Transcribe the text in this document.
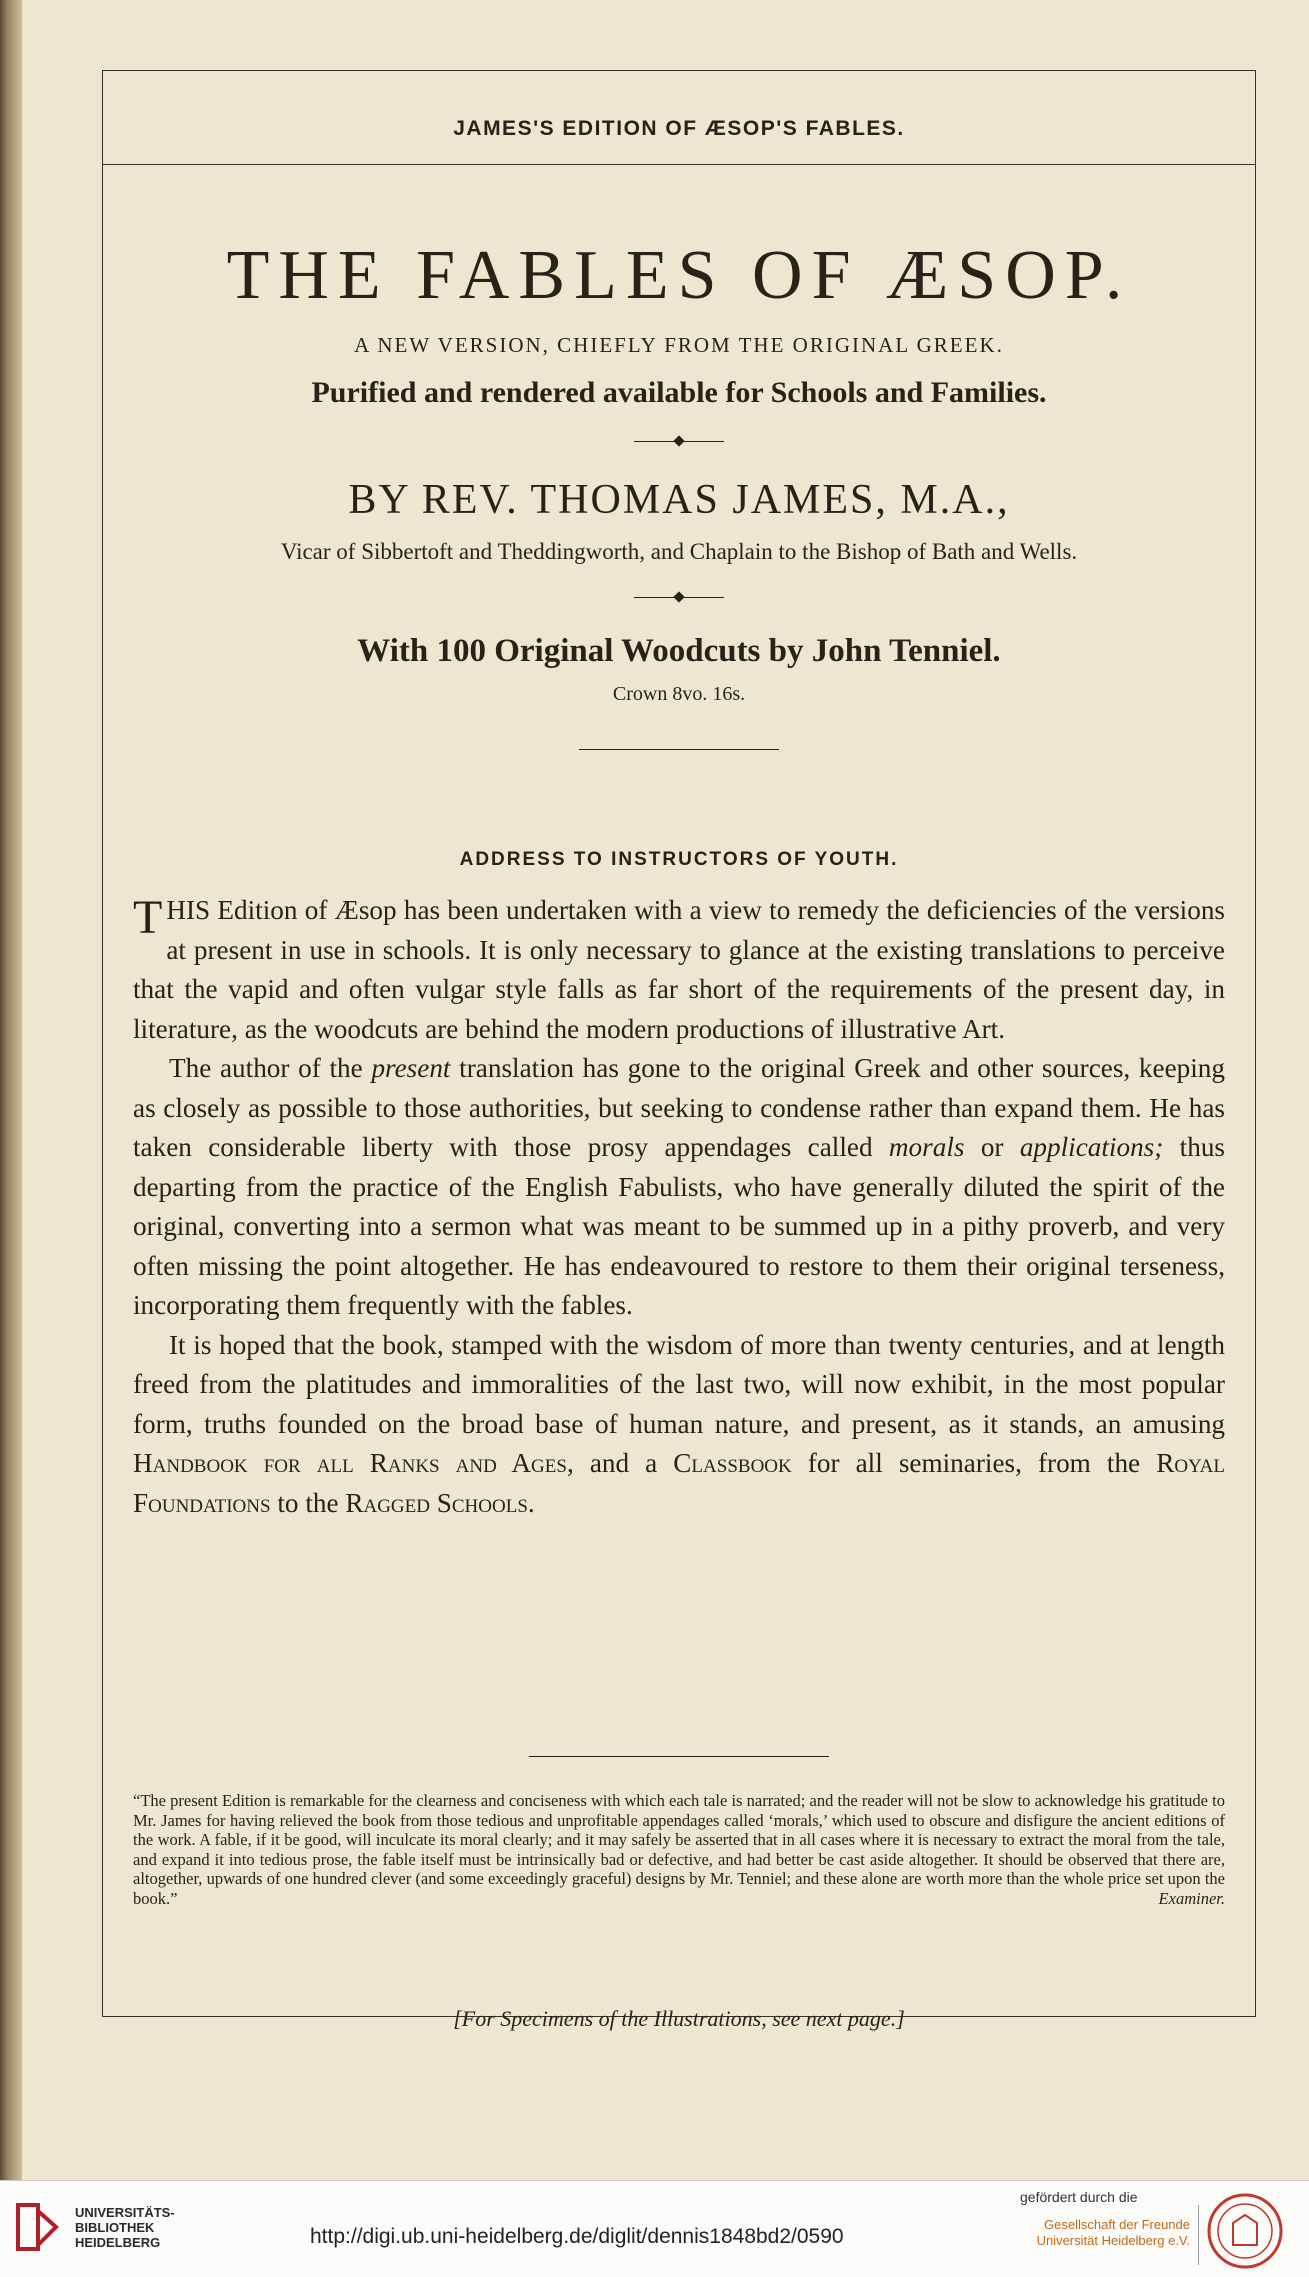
JAMES'S EDITION OF ÆSOP'S FABLES.
THE FABLES OF ÆSOP.
A NEW VERSION, CHIEFLY FROM THE ORIGINAL GREEK.
Purified and rendered available for Schools and Families.
BY REV. THOMAS JAMES, M.A.,
Vicar of Sibbertoft and Theddingworth, and Chaplain to the Bishop of Bath and Wells.
With 100 Original Woodcuts by John Tenniel.
Crown 8vo. 16s.
ADDRESS TO INSTRUCTORS OF YOUTH.

THIS Edition of Æsop has been undertaken with a view to remedy the deficiencies of the versions at present in use in schools. It is only necessary to glance at the existing translations to perceive that the vapid and often vulgar style falls as far short of the requirements of the present day, in literature, as the woodcuts are behind the modern productions of illustrative Art.

The author of the present translation has gone to the original Greek and other sources, keeping as closely as possible to those authorities, but seeking to condense rather than expand them. He has taken considerable liberty with those prosy appendages called morals or applications; thus departing from the practice of the English Fabulists, who have generally diluted the spirit of the original, converting into a sermon what was meant to be summed up in a pithy proverb, and very often missing the point altogether. He has endeavoured to restore to them their original terseness, incorporating them frequently with the fables.

It is hoped that the book, stamped with the wisdom of more than twenty centuries, and at length freed from the platitudes and immoralities of the last two, will now exhibit, in the most popular form, truths founded on the broad base of human nature, and present, as it stands, an amusing Handbook for all Ranks and Ages, and a Classbook for all seminaries, from the Royal Foundations to the Ragged Schools.

“The present Edition is remarkable for the clearness and conciseness with which each tale is narrated; and the reader will not be slow to acknowledge his gratitude to Mr. James for having relieved the book from those tedious and unprofitable appendages called ‘morals,’ which used to obscure and disfigure the ancient editions of the work. A fable, if it be good, will inculcate its moral clearly; and it may safely be asserted that in all cases where it is necessary to extract the moral from the tale, and expand it into tedious prose, the fable itself must be intrinsically bad or defective, and had better be cast aside altogether. It should be observed that there are, altogether, upwards of one hundred clever (and some exceedingly graceful) designs by Mr. Tenniel; and these alone are worth more than the whole price set upon the book.”	Examiner.
[For Specimens of the Illustrations, see next page.]
UNIVERSITÄTS-
BIBLIOTHEK
HEIDELBERG	http://digi.ub.uni-heidelberg.de/diglit/dennis1848bd2/0590
gefördert durch die
Gesellschaft der Freunde
Universität Heidelberg e.V.
